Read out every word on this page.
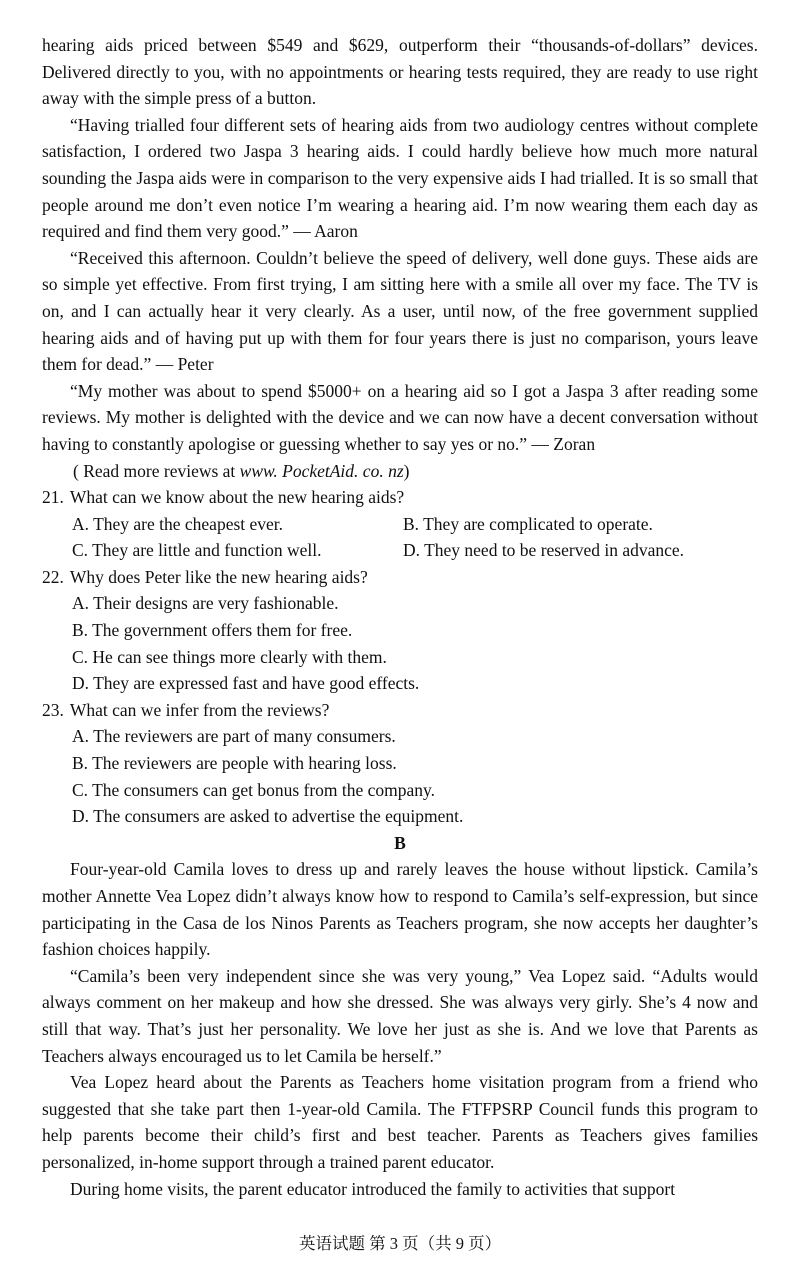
hearing aids priced between $549 and $629, outperform their “thousands-of-dollars” devices. Delivered directly to you, with no appointments or hearing tests required, they are ready to use right away with the simple press of a button.

“Having trialled four different sets of hearing aids from two audiology centres without complete satisfaction, I ordered two Jaspa 3 hearing aids. I could hardly believe how much more natural sounding the Jaspa aids were in comparison to the very expensive aids I had trialled. It is so small that people around me don’t even notice I’m wearing a hearing aid. I’m now wearing them each day as required and find them very good.” — Aaron

“Received this afternoon. Couldn’t believe the speed of delivery, well done guys. These aids are so simple yet effective. From first trying, I am sitting here with a smile all over my face. The TV is on, and I can actually hear it very clearly. As a user, until now, of the free government supplied hearing aids and of having put up with them for four years there is just no comparison, yours leave them for dead.” — Peter

“My mother was about to spend $5000+ on a hearing aid so I got a Jaspa 3 after reading some reviews. My mother is delighted with the device and we can now have a decent conversation without having to constantly apologise or guessing whether to say yes or no.” — Zoran

( Read more reviews at www. PocketAid. co. nz)

21. What can we know about the new hearing aids?

A. They are the cheapest ever.	B. They are complicated to operate.

C. They are little and function well.	D. They need to be reserved in advance.

22. Why does Peter like the new hearing aids?

A. Their designs are very fashionable.

B. The government offers them for free.

C. He can see things more clearly with them.

D. They are expressed fast and have good effects.

23. What can we infer from the reviews?

A. The reviewers are part of many consumers.

B. The reviewers are people with hearing loss.

C. The consumers can get bonus from the company.

D. The consumers are asked to advertise the equipment.

B

Four-year-old Camila loves to dress up and rarely leaves the house without lipstick. Camila’s mother Annette Vea Lopez didn’t always know how to respond to Camila’s self-expression, but since participating in the Casa de los Ninos Parents as Teachers program, she now accepts her daughter’s fashion choices happily.

“Camila’s been very independent since she was very young,” Vea Lopez said. “Adults would always comment on her makeup and how she dressed. She was always very girly. She’s 4 now and still that way. That’s just her personality. We love her just as she is. And we love that Parents as Teachers always encouraged us to let Camila be herself.”

Vea Lopez heard about the Parents as Teachers home visitation program from a friend who suggested that she take part then 1-year-old Camila. The FTFPSRP Council funds this program to help parents become their child’s first and best teacher. Parents as Teachers gives families personalized, in-home support through a trained parent educator.

During home visits, the parent educator introduced the family to activities that support

英语试题 第 3 页（共 9 页）
